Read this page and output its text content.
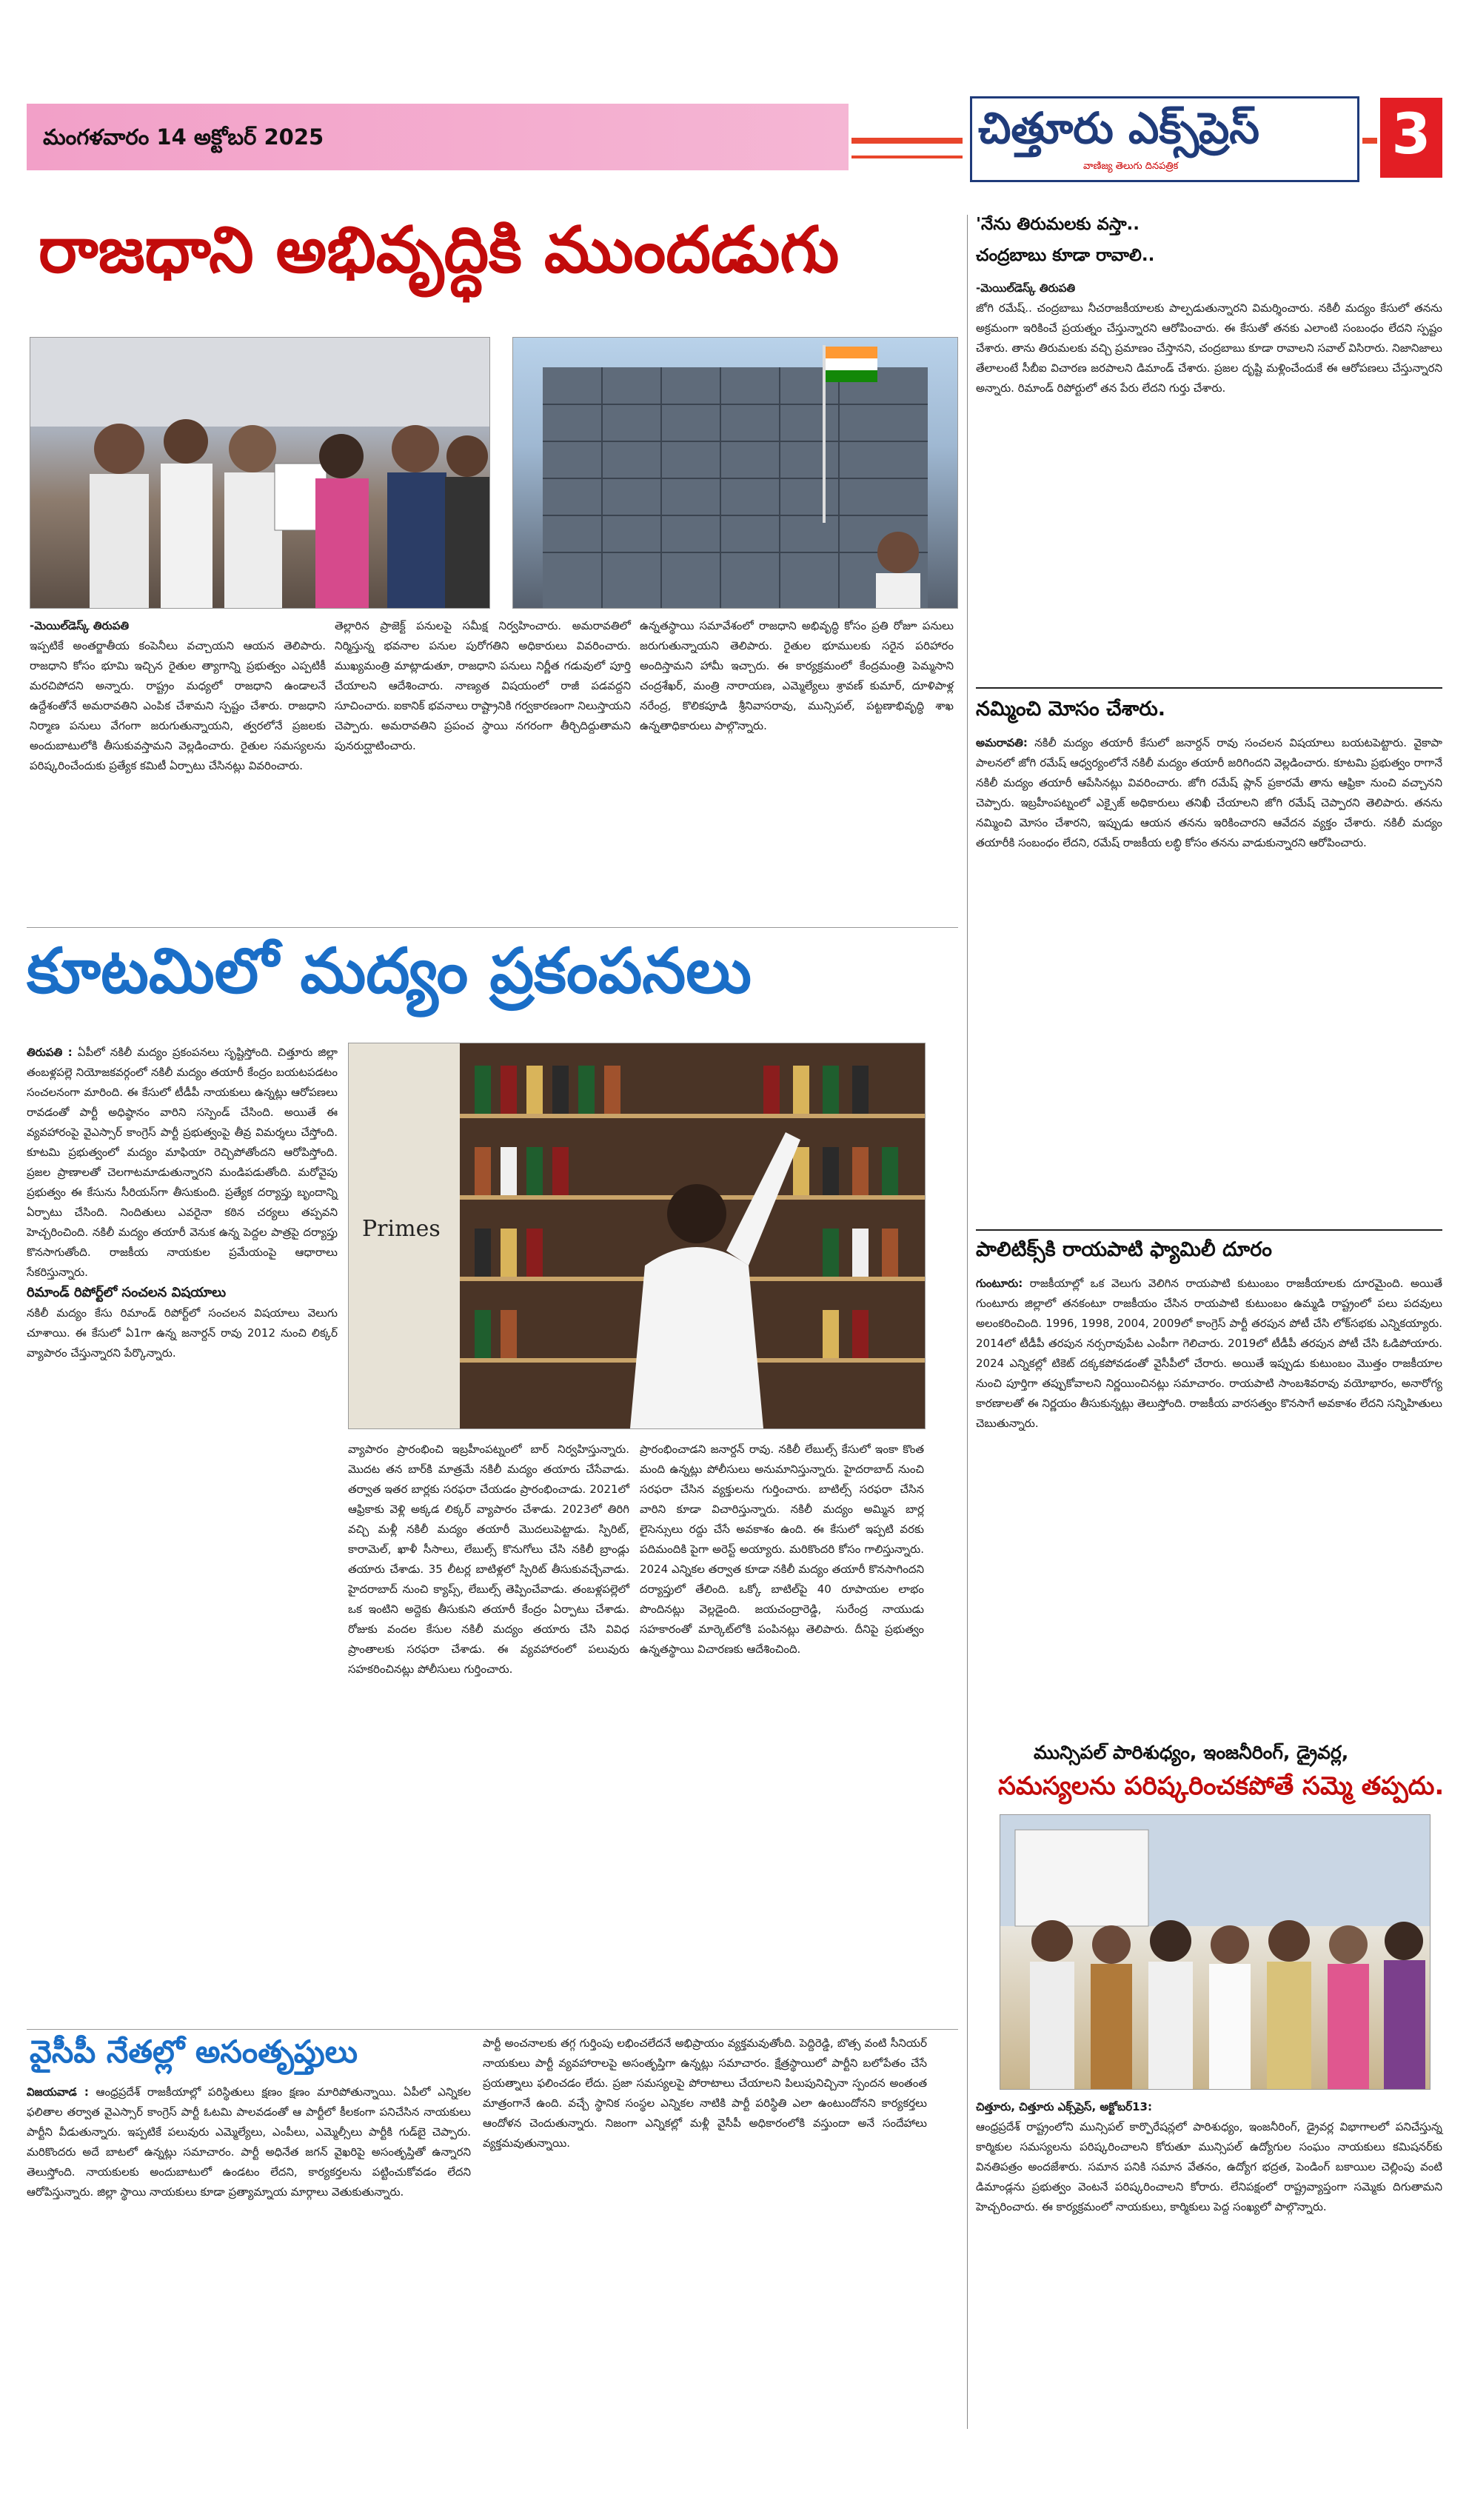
మంగళవారం 14 అక్టోబర్ 2025	చిత్తూరు ఎక్స్‌ప్రెస్
వాణిజ్య తెలుగు దినపత్రిక	3
రాజధాని అభివృద్ధికి ముందడుగు
-మెయిల్‌డెస్క్ తిరుపతి
ఇప్పటికే అంతర్జాతీయ కంపెనీలు వచ్చాయని ఆయన తెలిపారు. రాజధాని కోసం భూమి ఇచ్చిన రైతుల త్యాగాన్ని ప్రభుత్వం ఎప్పటికీ మరచిపోదని అన్నారు. రాష్ట్రం మధ్యలో రాజధాని ఉండాలనే ఉద్దేశంతోనే అమరావతిని ఎంపిక చేశామని స్పష్టం చేశారు. రాజధాని నిర్మాణ పనులు వేగంగా జరుగుతున్నాయని, త్వరలోనే ప్రజలకు అందుబాటులోకి తీసుకువస్తామని వెల్లడించారు. రైతుల సమస్యలను పరిష్కరించేందుకు ప్రత్యేక కమిటీ ఏర్పాటు చేసినట్లు వివరించారు.
తెల్లారిన ప్రాజెక్ట్ పనులపై సమీక్ష నిర్వహించారు. అమరావతిలో నిర్మిస్తున్న భవనాల పనుల పురోగతిని అధికారులు వివరించారు. ముఖ్యమంత్రి మాట్లాడుతూ, రాజధాని పనులు నిర్ణీత గడువులో పూర్తి చేయాలని ఆదేశించారు. నాణ్యత విషయంలో రాజీ పడవద్దని సూచించారు. ఐకానిక్ భవనాలు రాష్ట్రానికి గర్వకారణంగా నిలుస్తాయని చెప్పారు. అమరావతిని ప్రపంచ స్థాయి నగరంగా తీర్చిదిద్దుతామని పునరుద్ఘాటించారు.
ఉన్నతస్థాయి సమావేశంలో రాజధాని అభివృద్ధి కోసం ప్రతి రోజూ పనులు జరుగుతున్నాయని తెలిపారు. రైతుల భూములకు సరైన పరిహారం అందిస్తామని హామీ ఇచ్చారు. ఈ కార్యక్రమంలో కేంద్రమంత్రి పెమ్మసాని చంద్రశేఖర్, మంత్రి నారాయణ, ఎమ్మెల్యేలు శ్రావణ్ కుమార్, దూళిపాళ్ల నరేంద్ర, కొలికపూడి శ్రీనివాసరావు, మున్సిపల్, పట్టణాభివృద్ధి శాఖ ఉన్నతాధికారులు పాల్గొన్నారు.
'నేను తిరుమలకు వస్తా..
చంద్రబాబు కూడా రావాలి..
-మెయిల్‌డెస్క్ తిరుపతి
జోగి రమేష్.. చంద్రబాబు నీచరాజకీయాలకు పాల్పడుతున్నారని విమర్శించారు. నకిలీ మద్యం కేసులో తనను అక్రమంగా ఇరికించే ప్రయత్నం చేస్తున్నారని ఆరోపించారు. ఈ కేసుతో తనకు ఎలాంటి సంబంధం లేదని స్పష్టం చేశారు. తాను తిరుమలకు వచ్చి ప్రమాణం చేస్తానని, చంద్రబాబు కూడా రావాలని సవాల్ విసిరారు. నిజానిజాలు తేలాలంటే సీబీఐ విచారణ జరపాలని డిమాండ్ చేశారు. ప్రజల దృష్టి మళ్లించేందుకే ఈ ఆరోపణలు చేస్తున్నారని అన్నారు. రిమాండ్ రిపోర్టులో తన పేరు లేదని గుర్తు చేశారు.
నమ్మించి మోసం చేశారు.
అమరావతి: నకిలీ మద్యం తయారీ కేసులో జనార్దన్ రావు సంచలన విషయాలు బయటపెట్టారు. వైకాపా పాలనలో జోగి రమేష్ ఆధ్వర్యంలోనే నకిలీ మద్యం తయారీ జరిగిందని వెల్లడించారు. కూటమి ప్రభుత్వం రాగానే నకిలీ మద్యం తయారీ ఆపేసినట్లు వివరించారు. జోగి రమేష్ ప్లాన్ ప్రకారమే తాను ఆఫ్రికా నుంచి వచ్చానని చెప్పారు. ఇబ్రహీంపట్నంలో ఎక్సైజ్ అధికారులు తనిఖీ చేయాలని జోగి రమేష్ చెప్పారని తెలిపారు. తనను నమ్మించి మోసం చేశారని, ఇప్పుడు ఆయన తనను ఇరికించారని ఆవేదన వ్యక్తం చేశారు. నకిలీ మద్యం తయారీకి సంబంధం లేదని, రమేష్ రాజకీయ లబ్ధి కోసం తనను వాడుకున్నారని ఆరోపించారు.
పాలిటిక్స్‌కి రాయపాటి ఫ్యామిలీ దూరం
గుంటూరు: రాజకీయాల్లో ఒక వెలుగు వెలిగిన రాయపాటి కుటుంబం రాజకీయాలకు దూరమైంది. అయితే గుంటూరు జిల్లాలో తనకంటూ రాజకీయం చేసిన రాయపాటి కుటుంబం ఉమ్మడి రాష్ట్రంలో పలు పదవులు అలంకరించింది. 1996, 1998, 2004, 2009లో కాంగ్రెస్ పార్టీ తరపున పోటీ చేసి లోక్‌సభకు ఎన్నికయ్యారు. 2014లో టీడీపీ తరపున నర్సరావుపేట ఎంపీగా గెలిచారు. 2019లో టీడీపీ తరపున పోటీ చేసి ఓడిపోయారు. 2024 ఎన్నికల్లో టికెట్ దక్కకపోవడంతో వైసీపీలో చేరారు. అయితే ఇప్పుడు కుటుంబం మొత్తం రాజకీయాల నుంచి పూర్తిగా తప్పుకోవాలని నిర్ణయించినట్లు సమాచారం. రాయపాటి సాంబశివరావు వయోభారం, అనారోగ్య కారణాలతో ఈ నిర్ణయం తీసుకున్నట్లు తెలుస్తోంది. రాజకీయ వారసత్వం కొనసాగే అవకాశం లేదని సన్నిహితులు చెబుతున్నారు.
మున్సిపల్ పారిశుధ్యం, ఇంజనీరింగ్, డ్రైవర్ల,
సమస్యలను పరిష్కరించకపోతే సమ్మె తప్పదు.
చిత్తూరు, చిత్తూరు ఎక్స్‌ప్రెస్, అక్టోబర్13:
ఆంధ్రప్రదేశ్ రాష్ట్రంలోని మున్సిపల్ కార్పొరేషన్లలో పారిశుధ్యం, ఇంజనీరింగ్, డ్రైవర్ల విభాగాలలో పనిచేస్తున్న కార్మికుల సమస్యలను పరిష్కరించాలని కోరుతూ మున్సిపల్ ఉద్యోగుల సంఘం నాయకులు కమిషనర్‌కు వినతిపత్రం అందజేశారు. సమాన పనికి సమాన వేతనం, ఉద్యోగ భద్రత, పెండింగ్ బకాయిల చెల్లింపు వంటి డిమాండ్లను ప్రభుత్వం వెంటనే పరిష్కరించాలని కోరారు. లేనిపక్షంలో రాష్ట్రవ్యాప్తంగా సమ్మెకు దిగుతామని హెచ్చరించారు. ఈ కార్యక్రమంలో నాయకులు, కార్మికులు పెద్ద సంఖ్యలో పాల్గొన్నారు.
కూటమిలో మద్యం ప్రకంపనలు
Primes
తిరుపతి : ఏపీలో నకిలీ మద్యం ప్రకంపనలు సృష్టిస్తోంది. చిత్తూరు జిల్లా తంబళ్లపల్లె నియోజకవర్గంలో నకిలీ మద్యం తయారీ కేంద్రం బయటపడటం సంచలనంగా మారింది. ఈ కేసులో టీడీపీ నాయకులు ఉన్నట్లు ఆరోపణలు రావడంతో పార్టీ అధిష్ఠానం వారిని సస్పెండ్ చేసింది. అయితే ఈ వ్యవహారంపై వైఎస్సార్ కాంగ్రెస్ పార్టీ ప్రభుత్వంపై తీవ్ర విమర్శలు చేస్తోంది. కూటమి ప్రభుత్వంలో మద్యం మాఫియా రెచ్చిపోతోందని ఆరోపిస్తోంది. ప్రజల ప్రాణాలతో చెలగాటమాడుతున్నారని మండిపడుతోంది. మరోవైపు ప్రభుత్వం ఈ కేసును సీరియస్‌గా తీసుకుంది. ప్రత్యేక దర్యాప్తు బృందాన్ని ఏర్పాటు చేసింది. నిందితులు ఎవరైనా కఠిన చర్యలు తప్పవని హెచ్చరించింది. నకిలీ మద్యం తయారీ వెనుక ఉన్న పెద్దల పాత్రపై దర్యాప్తు కొనసాగుతోంది. రాజకీయ నాయకుల ప్రమేయంపై ఆధారాలు సేకరిస్తున్నారు.
రిమాండ్ రిపోర్ట్‌లో సంచలన విషయాలు
నకిలీ మద్యం కేసు రిమాండ్ రిపోర్ట్‌లో సంచలన విషయాలు వెలుగు చూశాయి. ఈ కేసులో ఏ1గా ఉన్న జనార్దన్ రావు 2012 నుంచి లిక్కర్ వ్యాపారం చేస్తున్నారని పేర్కొన్నారు.
వ్యాపారం ప్రారంభించి ఇబ్రహీంపట్నంలో బార్ నిర్వహిస్తున్నారు. మొదట తన బార్‌కి మాత్రమే నకిలీ మద్యం తయారు చేసేవాడు. తర్వాత ఇతర బార్లకు సరఫరా చేయడం ప్రారంభించాడు. 2021లో ఆఫ్రికాకు వెళ్లి అక్కడ లిక్కర్ వ్యాపారం చేశాడు. 2023లో తిరిగి వచ్చి మళ్లీ నకిలీ మద్యం తయారీ మొదలుపెట్టాడు. స్పిరిట్, కారామెల్, ఖాళీ సీసాలు, లేబుల్స్ కొనుగోలు చేసి నకిలీ బ్రాండ్లు తయారు చేశాడు. 35 లీటర్ల బాటిళ్లలో స్పిరిట్ తీసుకువచ్చేవాడు. హైదరాబాద్ నుంచి క్యాప్స్, లేబుల్స్ తెప్పించేవాడు. తంబళ్లపల్లెలో ఒక ఇంటిని అద్దెకు తీసుకుని తయారీ కేంద్రం ఏర్పాటు చేశాడు. రోజుకు వందల కేసుల నకిలీ మద్యం తయారు చేసి వివిధ ప్రాంతాలకు సరఫరా చేశాడు. ఈ వ్యవహారంలో పలువురు సహకరించినట్లు పోలీసులు గుర్తించారు.
ప్రారంభించాడని జనార్దన్ రావు. నకిలీ లేబుల్స్ కేసులో ఇంకా కొంత మంది ఉన్నట్లు పోలీసులు అనుమానిస్తున్నారు. హైదరాబాద్ నుంచి సరఫరా చేసిన వ్యక్తులను గుర్తించారు. బాటిల్స్ సరఫరా చేసిన వారిని కూడా విచారిస్తున్నారు. నకిలీ మద్యం అమ్మిన బార్ల లైసెన్సులు రద్దు చేసే అవకాశం ఉంది. ఈ కేసులో ఇప్పటి వరకు పదిమందికి పైగా అరెస్ట్ అయ్యారు. మరికొందరి కోసం గాలిస్తున్నారు. 2024 ఎన్నికల తర్వాత కూడా నకిలీ మద్యం తయారీ కొనసాగిందని దర్యాప్తులో తేలింది. ఒక్కో బాటిల్‌పై 40 రూపాయల లాభం పొందినట్లు వెల్లడైంది. జయచంద్రారెడ్డి, సురేంద్ర నాయుడు సహకారంతో మార్కెట్‌లోకి పంపినట్లు తెలిపారు. దీనిపై ప్రభుత్వం ఉన్నతస్థాయి విచారణకు ఆదేశించింది.
వైసీపీ నేతల్లో అసంతృప్తులు
విజయవాడ : ఆంధ్రప్రదేశ్ రాజకీయాల్లో పరిస్థితులు క్షణం క్షణం మారిపోతున్నాయి. ఏపీలో ఎన్నికల ఫలితాల తర్వాత వైఎస్సార్ కాంగ్రెస్ పార్టీ ఓటమి పాలవడంతో ఆ పార్టీలో కీలకంగా పనిచేసిన నాయకులు పార్టీని వీడుతున్నారు. ఇప్పటికే పలువురు ఎమ్మెల్యేలు, ఎంపీలు, ఎమ్మెల్సీలు పార్టీకి గుడ్‌బై చెప్పారు. మరికొందరు అదే బాటలో ఉన్నట్లు సమాచారం. పార్టీ అధినేత జగన్ వైఖరిపై అసంతృప్తితో ఉన్నారని తెలుస్తోంది. నాయకులకు అందుబాటులో ఉండటం లేదని, కార్యకర్తలను పట్టించుకోవడం లేదని ఆరోపిస్తున్నారు. జిల్లా స్థాయి నాయకులు కూడా ప్రత్యామ్నాయ మార్గాలు వెతుకుతున్నారు.
పార్టీ అంచనాలకు తగ్గ గుర్తింపు లభించలేదనే అభిప్రాయం వ్యక్తమవుతోంది. పెద్దిరెడ్డి, బొత్స వంటి సీనియర్ నాయకులు పార్టీ వ్యవహారాలపై అసంతృప్తిగా ఉన్నట్లు సమాచారం. క్షేత్రస్థాయిలో పార్టీని బలోపేతం చేసే ప్రయత్నాలు ఫలించడం లేదు. ప్రజా సమస్యలపై పోరాటాలు చేయాలని పిలుపునిచ్చినా స్పందన అంతంత మాత్రంగానే ఉంది. వచ్చే స్థానిక సంస్థల ఎన్నికల నాటికి పార్టీ పరిస్థితి ఎలా ఉంటుందోనని కార్యకర్తలు ఆందోళన చెందుతున్నారు. నిజంగా ఎన్నికల్లో మళ్లీ వైసీపీ అధికారంలోకి వస్తుందా అనే సందేహాలు వ్యక్తమవుతున్నాయి.
